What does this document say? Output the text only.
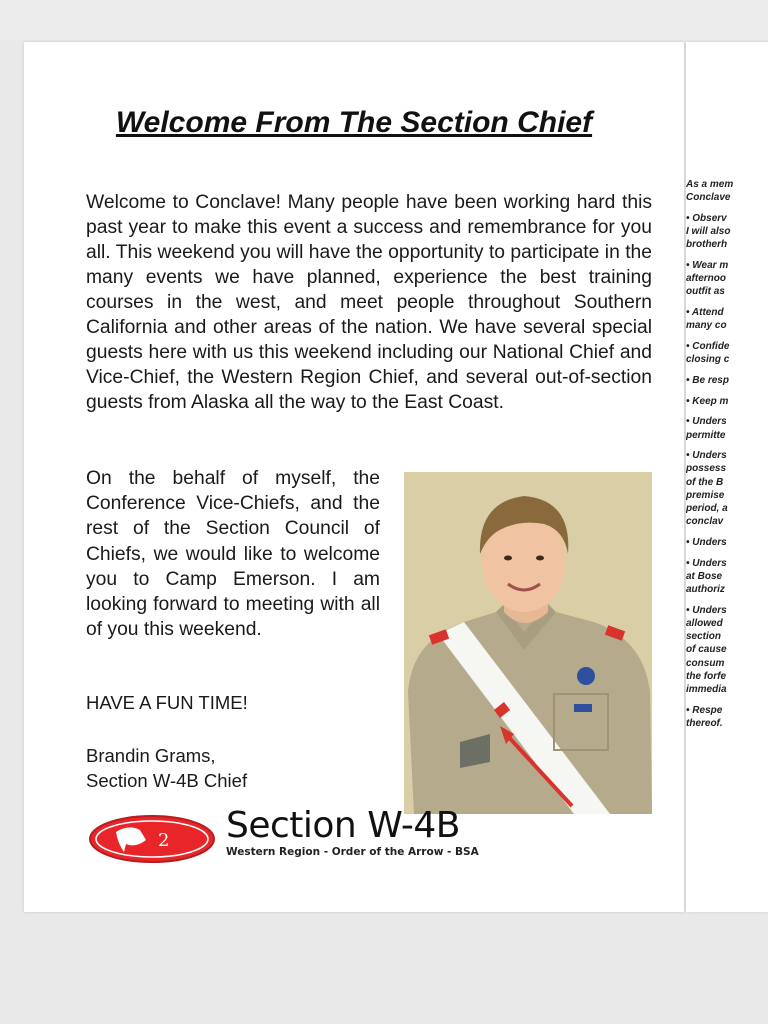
Welcome From The Section Chief

Welcome to Conclave! Many people have been working hard this past year to make this event a success and remembrance for you all. This weekend you will have the opportunity to participate in the many events we have planned, experience the best training courses in the west, and meet people throughout Southern California and other areas of the nation. We have several special guests here with us this weekend including our National Chief and Vice-Chief, the Western Region Chief, and several out-of-section guests from Alaska all the way to the East Coast.

On the behalf of myself, the Conference Vice-Chiefs, and the rest of the Section Council of Chiefs, we would like to welcome you to Camp Emerson. I am looking forward to meeting with all of you this weekend.

HAVE A FUN TIME!

Brandin Grams,
Section W-4B Chief
2 Section W-4B
Western Region - Order of the Arrow - BSA
As a mem
Conclave
• Observ
I will also
brotherh
• Wear m
afternoo
outfit as
• Attend
many co
• Confide
closing c
• Be resp
• Keep m
• Unders
permitte
• Unders
possess
of the B
premise
period, a
conclav
• Unders
• Unders
at Bose
authoriz
• Unders
allowed
section
of cause
consum
the forfe
immedia
• Respe
thereof.
